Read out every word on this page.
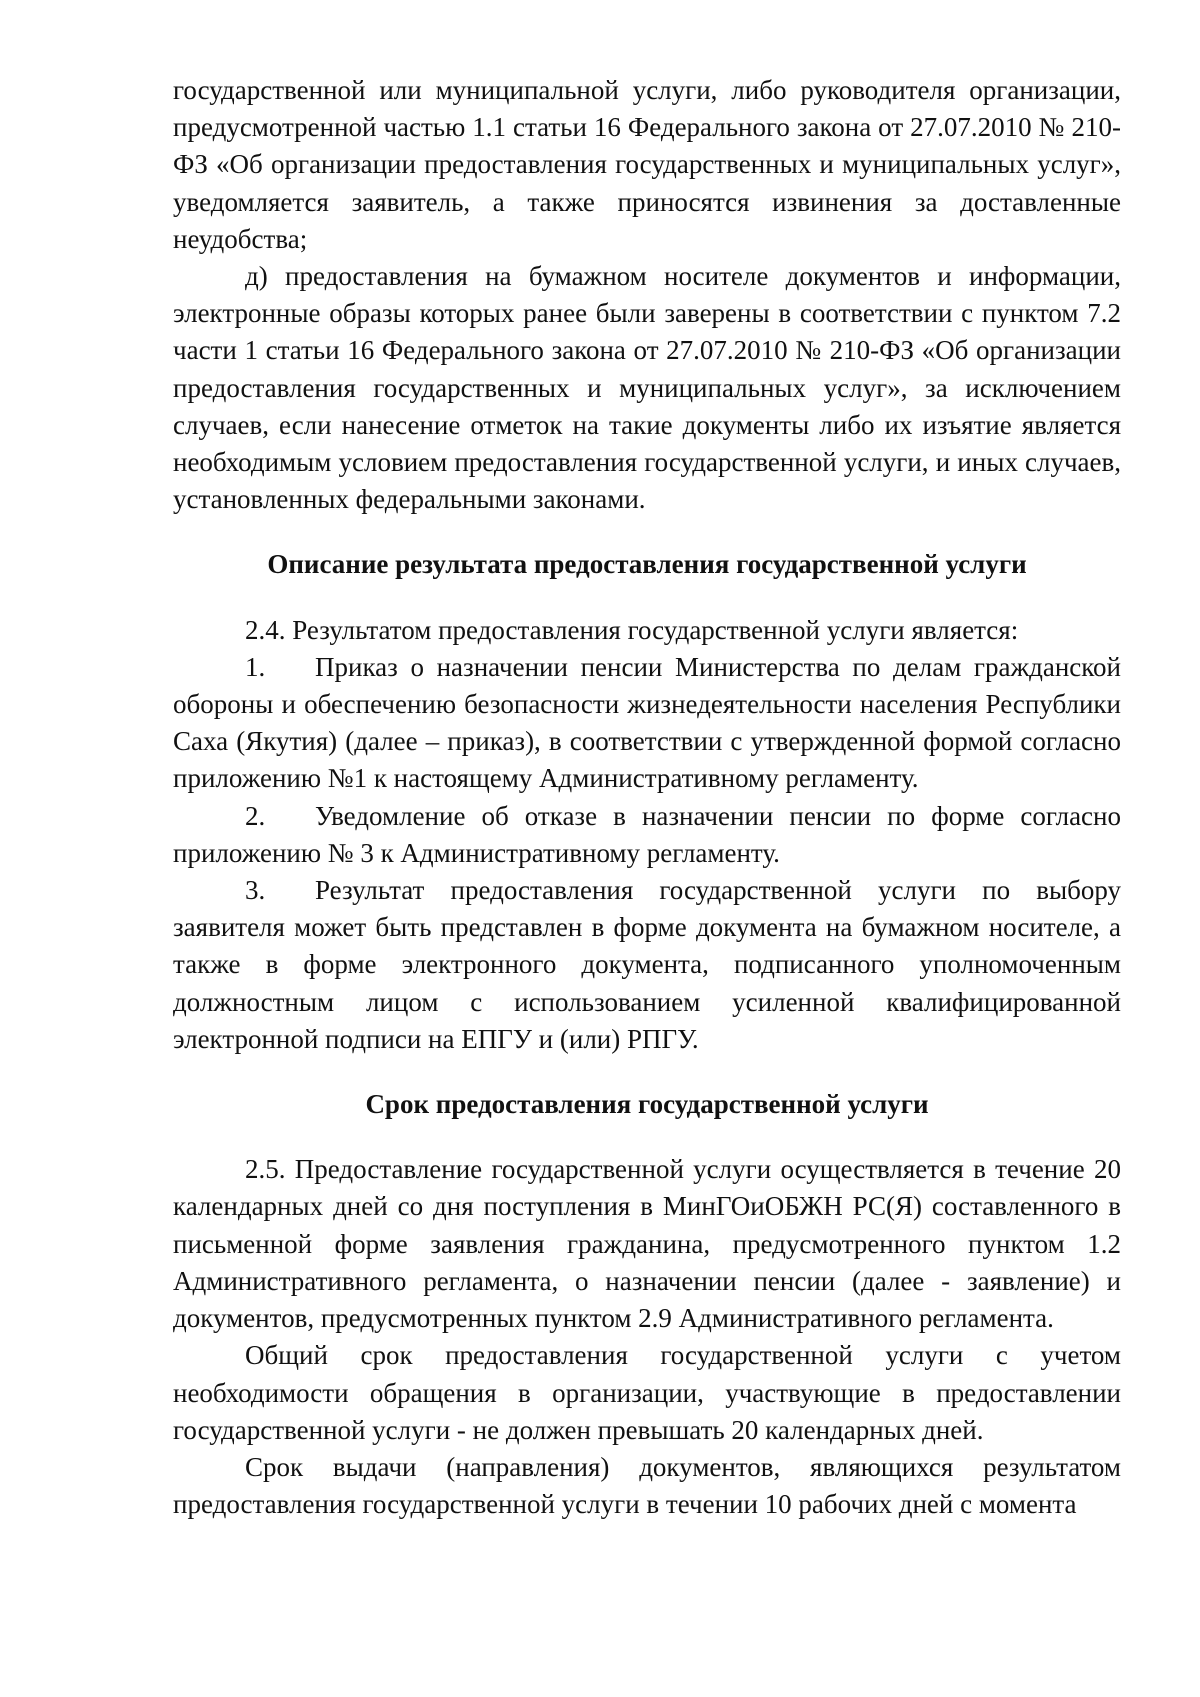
государственной или муниципальной услуги, либо руководителя организации, предусмотренной частью 1.1 статьи 16 Федерального закона от 27.07.2010 № 210-ФЗ «Об организации предоставления государственных и муниципальных услуг», уведомляется заявитель, а также приносятся извинения за доставленные неудобства;

д) предоставления на бумажном носителе документов и информации, электронные образы которых ранее были заверены в соответствии с пунктом 7.2 части 1 статьи 16 Федерального закона от 27.07.2010 № 210-ФЗ «Об организации предоставления государственных и муниципальных услуг», за исключением случаев, если нанесение отметок на такие документы либо их изъятие является необходимым условием предоставления государственной услуги, и иных случаев, установленных федеральными законами.

Описание результата предоставления государственной услуги

2.4. Результатом предоставления государственной услуги является:

1. Приказ о назначении пенсии Министерства по делам гражданской обороны и обеспечению безопасности жизнедеятельности населения Республики Саха (Якутия) (далее – приказ), в соответствии с утвержденной формой согласно приложению №1 к настоящему Административному регламенту.

2. Уведомление об отказе в назначении пенсии по форме согласно приложению № 3 к Административному регламенту.

3. Результат предоставления государственной услуги по выбору заявителя может быть представлен в форме документа на бумажном носителе, а также в форме электронного документа, подписанного уполномоченным должностным лицом с использованием усиленной квалифицированной электронной подписи на ЕПГУ и (или) РПГУ.

Срок предоставления государственной услуги

2.5. Предоставление государственной услуги осуществляется в течение 20 календарных дней со дня поступления в МинГОиОБЖН РС(Я) составленного в письменной форме заявления гражданина, предусмотренного пунктом 1.2 Административного регламента, о назначении пенсии (далее - заявление) и документов, предусмотренных пунктом 2.9 Административного регламента.

Общий срок предоставления государственной услуги с учетом необходимости обращения в организации, участвующие в предоставлении государственной услуги - не должен превышать 20 календарных дней.

Срок выдачи (направления) документов, являющихся результатом предоставления государственной услуги в течении 10 рабочих дней с момента
